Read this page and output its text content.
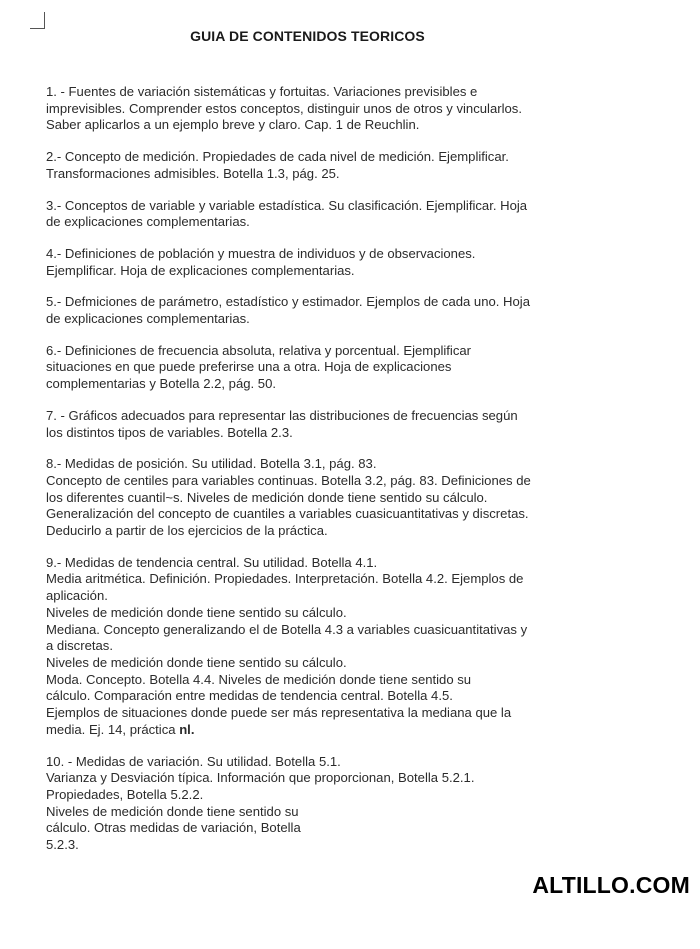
GUIA DE CONTENIDOS TEORICOS
1. - Fuentes de variación sistemáticas y fortuitas. Variaciones previsibles e
imprevisibles. Comprender estos conceptos, distinguir unos de otros y vincularlos.
Saber aplicarlos a un ejemplo breve y claro. Cap. 1 de Reuchlin.
2.- Concepto de medición. Propiedades de cada nivel de medición. Ejemplificar.
Transformaciones admisibles. Botella 1.3, pág. 25.
3.- Conceptos de variable y variable estadística. Su clasificación. Ejemplificar. Hoja
de explicaciones complementarias.
4.- Definiciones de población y muestra de individuos y de observaciones.
Ejemplificar. Hoja de explicaciones complementarias.
5.- Defmiciones de parámetro, estadístico y estimador. Ejemplos de cada uno. Hoja
de explicaciones complementarias.
6.- Definiciones de frecuencia absoluta, relativa y porcentual. Ejemplificar
situaciones en que puede preferirse una a otra. Hoja de explicaciones
complementarias y Botella 2.2, pág. 50.
7. - Gráficos adecuados para representar las distribuciones de frecuencias según
los distintos tipos de variables. Botella 2.3.
8.- Medidas de posición. Su utilidad. Botella 3.1, pág. 83.
Concepto de centiles para variables continuas. Botella 3.2, pág. 83. Definiciones de
los diferentes cuantil~s. Niveles de medición donde tiene sentido su cálculo.
Generalización del concepto de cuantiles a variables cuasicuantitativas y discretas.
Deducirlo a partir de los ejercicios de la práctica.
9.- Medidas de tendencia central. Su utilidad. Botella 4.1.
Media aritmética. Definición. Propiedades. Interpretación. Botella 4.2. Ejemplos de
aplicación.
Niveles de medición donde tiene sentido su cálculo.
Mediana. Concepto generalizando el de Botella 4.3 a variables cuasicuantitativas y
a discretas.
Niveles de medición donde tiene sentido su cálculo.
Moda. Concepto. Botella 4.4. Niveles de medición donde tiene sentido su
cálculo. Comparación entre medidas de tendencia central. Botella 4.5.
Ejemplos de situaciones donde puede ser más representativa la mediana que la
media. Ej. 14, práctica nl.
10. - Medidas de variación. Su utilidad. Botella 5.1.
Varianza y Desviación típica. Información que proporcionan, Botella 5.2.1.
Propiedades, Botella 5.2.2.
Niveles de medición donde tiene sentido su
cálculo. Otras medidas de variación, Botella
5.2.3.
ALTILLO.COM
